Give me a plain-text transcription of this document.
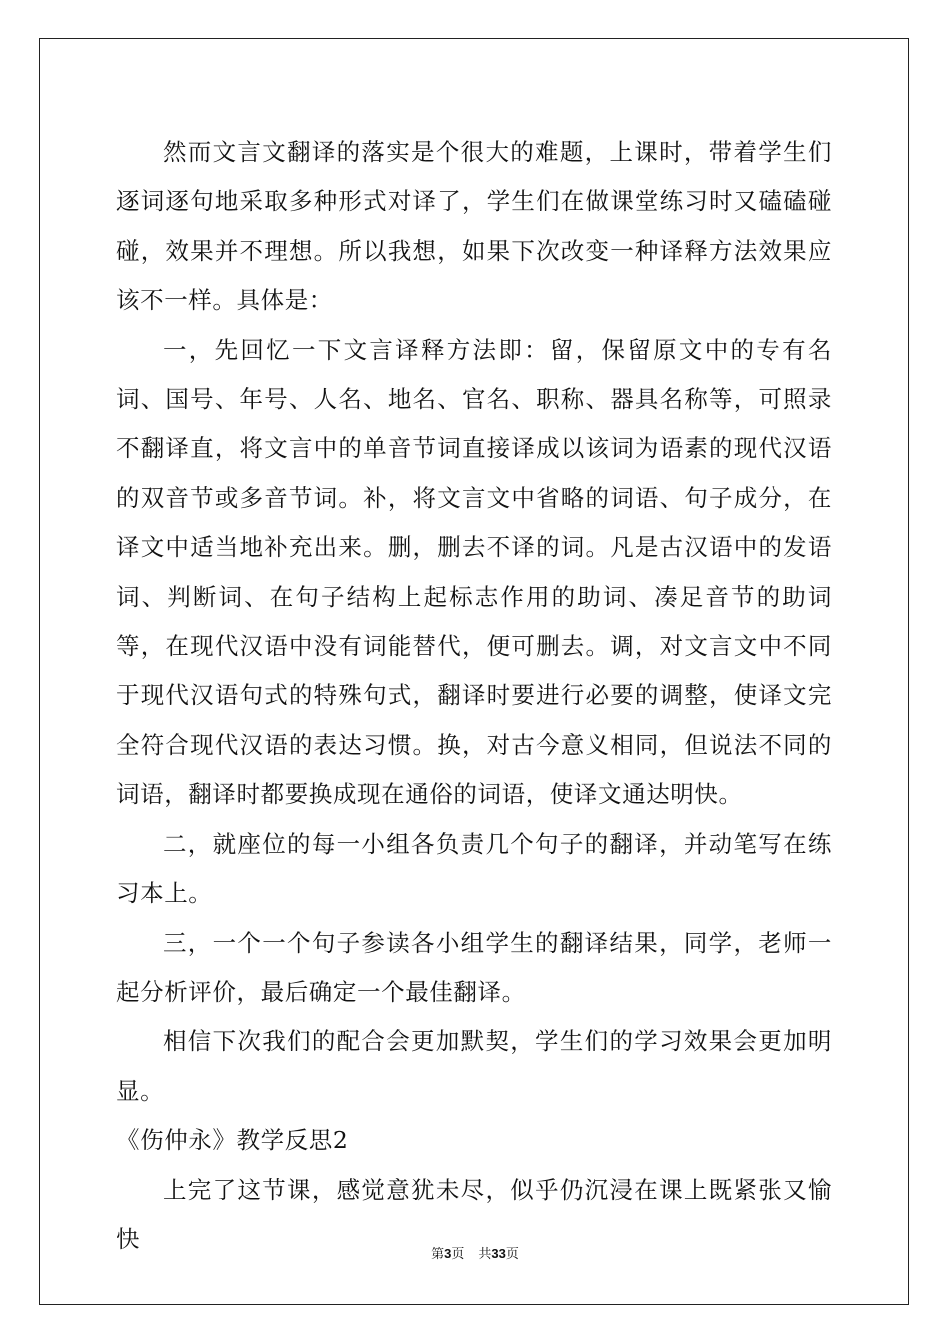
然而文言文翻译的落实是个很大的难题，上课时，带着学生们逐词逐句地采取多种形式对译了，学生们在做课堂练习时又磕磕碰碰，效果并不理想。所以我想，如果下次改变一种译释方法效果应该不一样。具体是：

一，先回忆一下文言译释方法即：留，保留原文中的专有名词、国号、年号、人名、地名、官名、职称、器具名称等，可照录不翻译直，将文言中的单音节词直接译成以该词为语素的现代汉语的双音节或多音节词。补，将文言文中省略的词语、句子成分，在译文中适当地补充出来。删，删去不译的词。凡是古汉语中的发语词、判断词、在句子结构上起标志作用的助词、凑足音节的助词等，在现代汉语中没有词能替代，便可删去。调，对文言文中不同于现代汉语句式的特殊句式，翻译时要进行必要的调整，使译文完全符合现代汉语的表达习惯。换，对古今意义相同，但说法不同的词语，翻译时都要换成现在通俗的词语，使译文通达明快。

二，就座位的每一小组各负责几个句子的翻译，并动笔写在练习本上。

三，一个一个句子参读各小组学生的翻译结果，同学，老师一起分析评价，最后确定一个最佳翻译。

相信下次我们的配合会更加默契，学生们的学习效果会更加明显。

《伤仲永》教学反思2

上完了这节课，感觉意犹未尽，似乎仍沉浸在课上既紧张又愉快

第3页 共33页
